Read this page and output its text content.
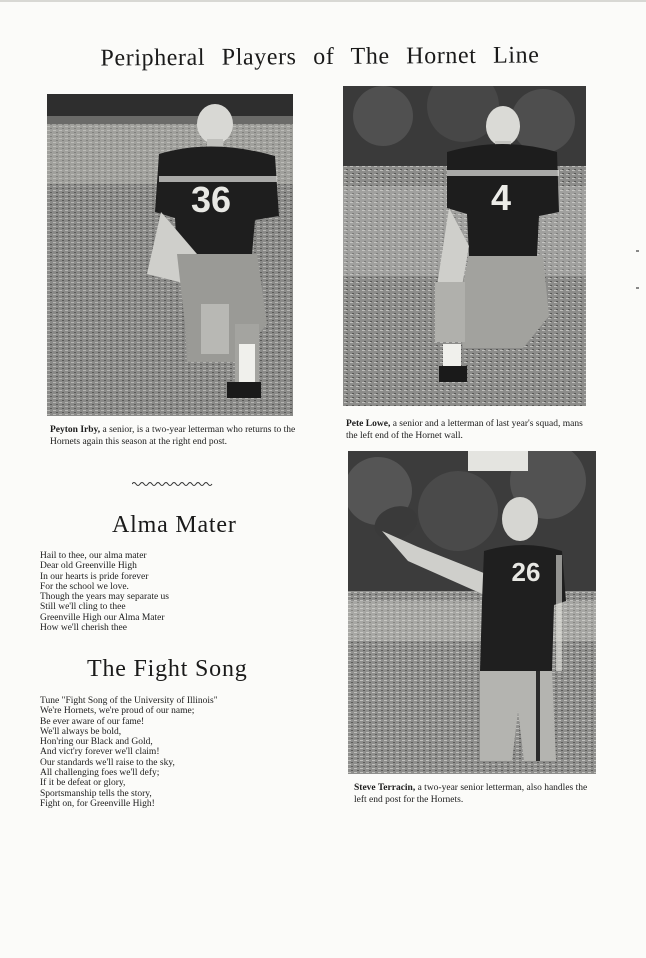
Peripheral Players of The Hornet Line
36
Peyton Irby, a senior, is a two-year letterman who returns to the Hornets again this season at the right end post.
4
Pete Lowe, a senior and a letterman of last year's squad, mans the left end of the Hornet wall.
26
Steve Terracin, a two-year senior letterman, also handles the left end post for the Hornets.
Alma Mater
Hail to thee, our alma mater
Dear old Greenville High
In our hearts is pride forever
For the school we love.
Though the years may separate us
Still we'll cling to thee
Greenville High our Alma Mater
How we'll cherish thee
The Fight Song
Tune "Fight Song of the University of Illinois"
We're Hornets, we're proud of our name;
Be ever aware of our fame!
We'll always be bold,
Hon'ring our Black and Gold,
And vict'ry forever we'll claim!
Our standards we'll raise to the sky,
All challenging foes we'll defy;
If it be defeat or glory,
Sportsmanship tells the story,
Fight on, for Greenville High!
